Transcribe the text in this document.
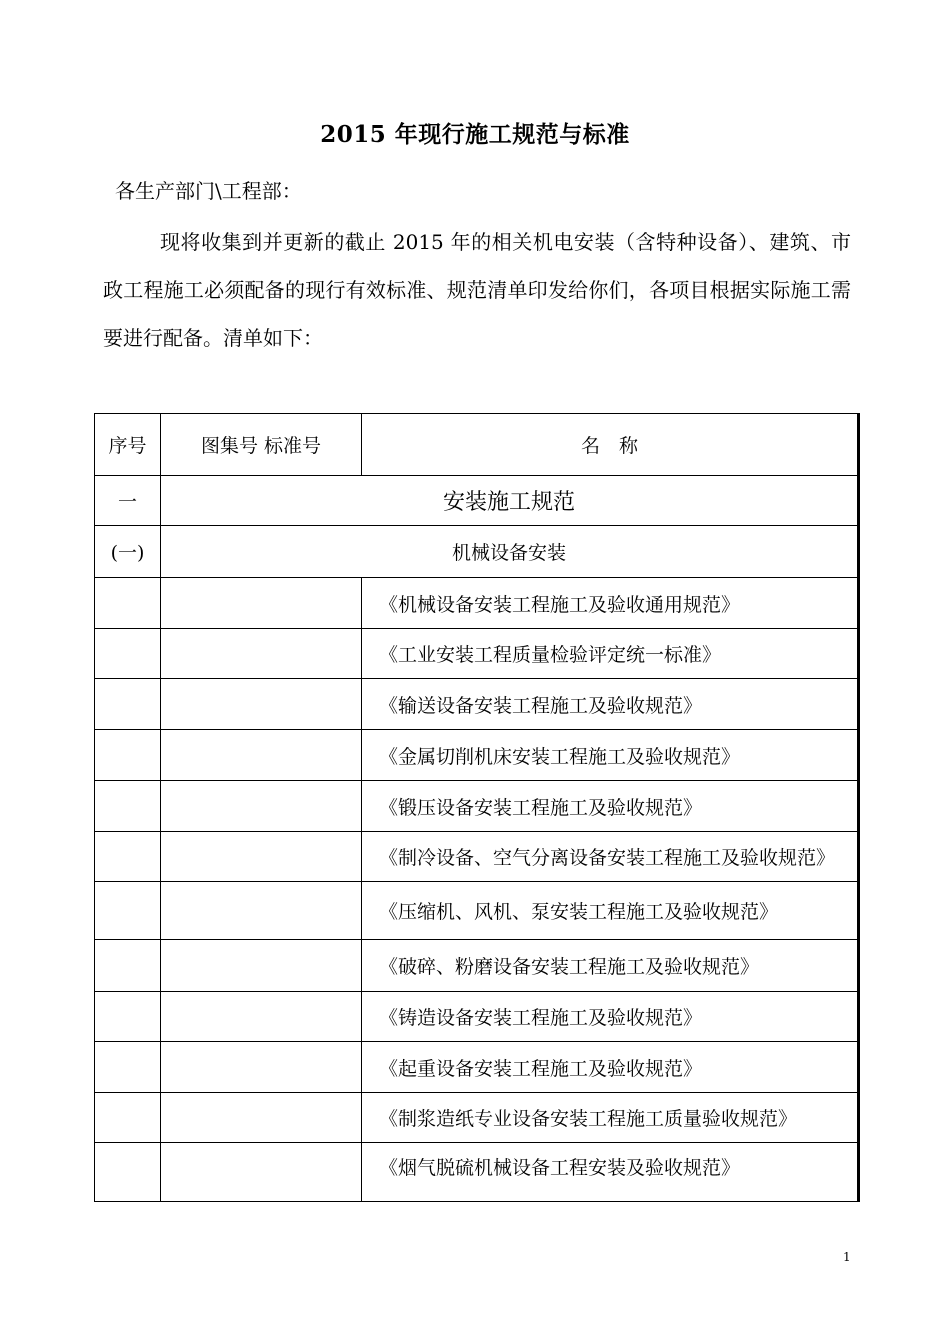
2015 年现行施工规范与标准
各生产部门\工程部：
现将收集到并更新的截止 2015 年的相关机电安装（含特种设备）、建筑、市政工程施工必须配备的现行有效标准、规范清单印发给你们，各项目根据实际施工需要进行配备。清单如下：
序号	图集号 标准号	名　称
一	安装施工规范	
(一)	机械设备安装	
		《机械设备安装工程施工及验收通用规范》
		《工业安装工程质量检验评定统一标准》
		《输送设备安装工程施工及验收规范》
		《金属切削机床安装工程施工及验收规范》
		《锻压设备安装工程施工及验收规范》
		《制冷设备、空气分离设备安装工程施工及验收规范》
		《压缩机、风机、泵安装工程施工及验收规范》
		《破碎、粉磨设备安装工程施工及验收规范》
		《铸造设备安装工程施工及验收规范》
		《起重设备安装工程施工及验收规范》
		《制浆造纸专业设备安装工程施工质量验收规范》
		《烟气脱硫机械设备工程安装及验收规范》
1
